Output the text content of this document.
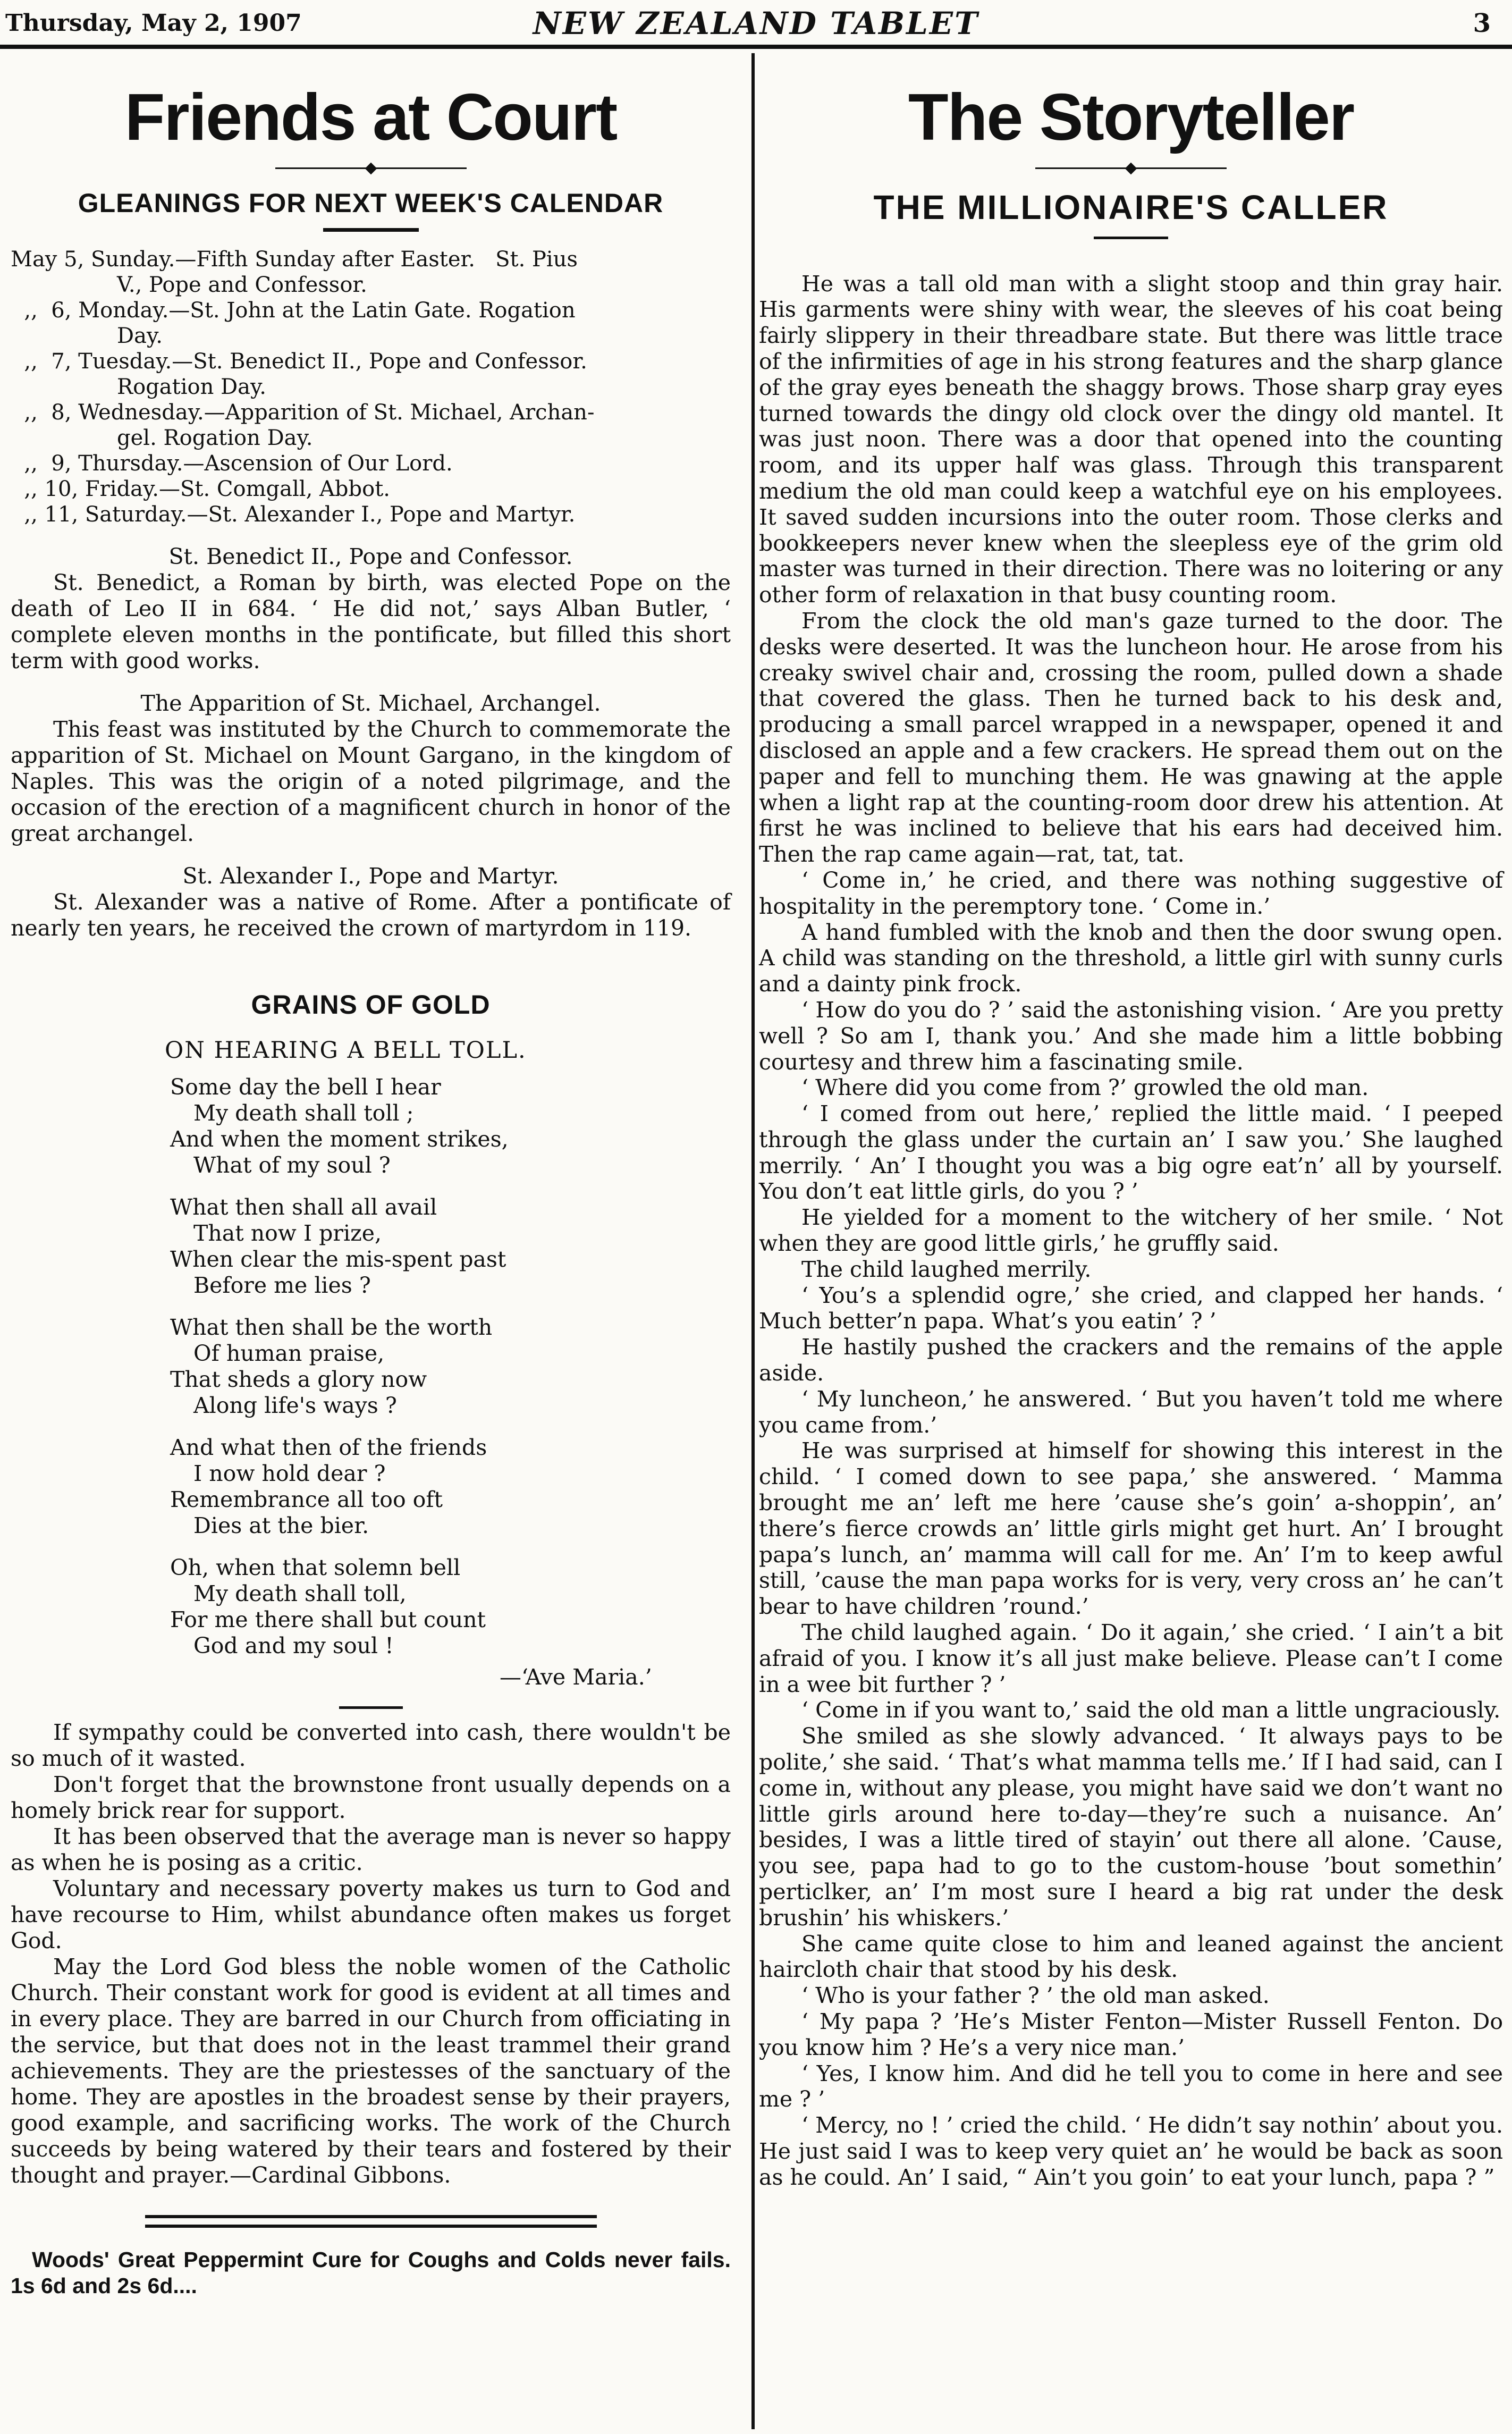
Thursday, May 2, 1907	NEW ZEALAND TABLET	3
Friends at Court
GLEANINGS FOR NEXT WEEK'S CALENDAR
May 5, Sunday.—Fifth Sunday after Easter.   St. Pius
V., Pope and Confessor.
,,  6, Monday.—St. John at the Latin Gate. Rogation
Day.
,,  7, Tuesday.—St. Benedict II., Pope and Confessor.
Rogation Day.
,,  8, Wednesday.—Apparition of St. Michael, Archan-
gel. Rogation Day.
,,  9, Thursday.—Ascension of Our Lord.
,, 10, Friday.—St. Comgall, Abbot.
,, 11, Saturday.—St. Alexander I., Pope and Martyr.
St. Benedict II., Pope and Confessor.

St. Benedict, a Roman by birth, was elected Pope on the death of Leo II in 684. ‘ He did not,’ says Alban Butler, ‘ complete eleven months in the pontificate, but filled this short term with good works.

The Apparition of St. Michael, Archangel.

This feast was instituted by the Church to commemorate the apparition of St. Michael on Mount Gargano, in the kingdom of Naples. This was the origin of a noted pilgrimage, and the occasion of the erection of a magnificent church in honor of the great archangel.

St. Alexander I., Pope and Martyr.

St. Alexander was a native of Rome. After a pontificate of nearly ten years, he received the crown of martyrdom in 119.

GRAINS OF GOLD
ON HEARING A BELL TOLL.
Some day the bell I hear
My death shall toll ;
And when the moment strikes,
What of my soul ?
What then shall all avail
That now I prize,
When clear the mis-spent past
Before me lies ?
What then shall be the worth
Of human praise,
That sheds a glory now
Along life's ways ?
And what then of the friends
I now hold dear ?
Remembrance all too oft
Dies at the bier.
Oh, when that solemn bell
My death shall toll,
For me there shall but count
God and my soul !
—‘Ave Maria.’

If sympathy could be converted into cash, there wouldn't be so much of it wasted.

Don't forget that the brownstone front usually depends on a homely brick rear for support.

It has been observed that the average man is never so happy as when he is posing as a critic.

Voluntary and necessary poverty makes us turn to God and have recourse to Him, whilst abundance often makes us forget God.

May the Lord God bless the noble women of the Catholic Church. Their constant work for good is evident at all times and in every place. They are barred in our Church from officiating in the service, but that does not in the least trammel their grand achievements. They are the priestesses of the sanctuary of the home. They are apostles in the broadest sense by their prayers, good example, and sacrificing works. The work of the Church succeeds by being watered by their tears and fostered by their thought and prayer.—Cardinal Gibbons.

Woods' Great Peppermint Cure for Coughs and Colds never fails. 1s 6d and 2s 6d....

The Storyteller
THE MILLIONAIRE'S CALLER

He was a tall old man with a slight stoop and thin gray hair. His garments were shiny with wear, the sleeves of his coat being fairly slippery in their threadbare state. But there was little trace of the infirmities of age in his strong features and the sharp glance of the gray eyes beneath the shaggy brows. Those sharp gray eyes turned towards the dingy old clock over the dingy old mantel. It was just noon. There was a door that opened into the counting room, and its upper half was glass. Through this transparent medium the old man could keep a watchful eye on his employees. It saved sudden incursions into the outer room. Those clerks and bookkeepers never knew when the sleepless eye of the grim old master was turned in their direction. There was no loitering or any other form of relaxation in that busy counting room.

From the clock the old man's gaze turned to the door. The desks were deserted. It was the luncheon hour. He arose from his creaky swivel chair and, crossing the room, pulled down a shade that covered the glass. Then he turned back to his desk and, producing a small parcel wrapped in a newspaper, opened it and disclosed an apple and a few crackers. He spread them out on the paper and fell to munching them. He was gnawing at the apple when a light rap at the counting-room door drew his attention. At first he was inclined to believe that his ears had deceived him. Then the rap came again—rat, tat, tat.

‘ Come in,’ he cried, and there was nothing suggestive of hospitality in the peremptory tone. ‘ Come in.’

A hand fumbled with the knob and then the door swung open. A child was standing on the threshold, a little girl with sunny curls and a dainty pink frock.

‘ How do you do ? ’ said the astonishing vision. ‘ Are you pretty well ? So am I, thank you.’ And she made him a little bobbing courtesy and threw him a fascinating smile.

‘ Where did you come from ?’ growled the old man.

‘ I comed from out here,’ replied the little maid. ‘ I peeped through the glass under the curtain an’ I saw you.’ She laughed merrily. ‘ An’ I thought you was a big ogre eat’n’ all by yourself. You don’t eat little girls, do you ? ’

He yielded for a moment to the witchery of her smile. ‘ Not when they are good little girls,’ he gruffly said.

The child laughed merrily.

‘ You’s a splendid ogre,’ she cried, and clapped her hands. ‘ Much better’n papa. What’s you eatin’ ? ’

He hastily pushed the crackers and the remains of the apple aside.

‘ My luncheon,’ he answered. ‘ But you haven’t told me where you came from.’

He was surprised at himself for showing this interest in the child. ‘ I comed down to see papa,’ she answered. ‘ Mamma brought me an’ left me here ’cause she’s goin’ a-shoppin’, an’ there’s fierce crowds an’ little girls might get hurt. An’ I brought papa’s lunch, an’ mamma will call for me. An’ I’m to keep awful still, ’cause the man papa works for is very, very cross an’ he can’t bear to have children ’round.’

The child laughed again. ‘ Do it again,’ she cried. ‘ I ain’t a bit afraid of you. I know it’s all just make believe. Please can’t I come in a wee bit further ? ’

‘ Come in if you want to,’ said the old man a little ungraciously.

She smiled as she slowly advanced. ‘ It always pays to be polite,’ she said. ‘ That’s what mamma tells me.’ If I had said, can I come in, without any please, you might have said we don’t want no little girls around here to-day—they’re such a nuisance. An’ besides, I was a little tired of stayin’ out there all alone. ’Cause, you see, papa had to go to the custom-house ’bout somethin’ perticlker, an’ I’m most sure I heard a big rat under the desk brushin’ his whiskers.’

She came quite close to him and leaned against the ancient haircloth chair that stood by his desk.

‘ Who is your father ? ’ the old man asked.

‘ My papa ? ’He’s Mister Fenton—Mister Russell Fenton. Do you know him ? He’s a very nice man.’

‘ Yes, I know him. And did he tell you to come in here and see me ? ’

‘ Mercy, no ! ’ cried the child. ‘ He didn’t say nothin’ about you. He just said I was to keep very quiet an’ he would be back as soon as he could. An’ I said, “ Ain’t you goin’ to eat your lunch, papa ? ”
